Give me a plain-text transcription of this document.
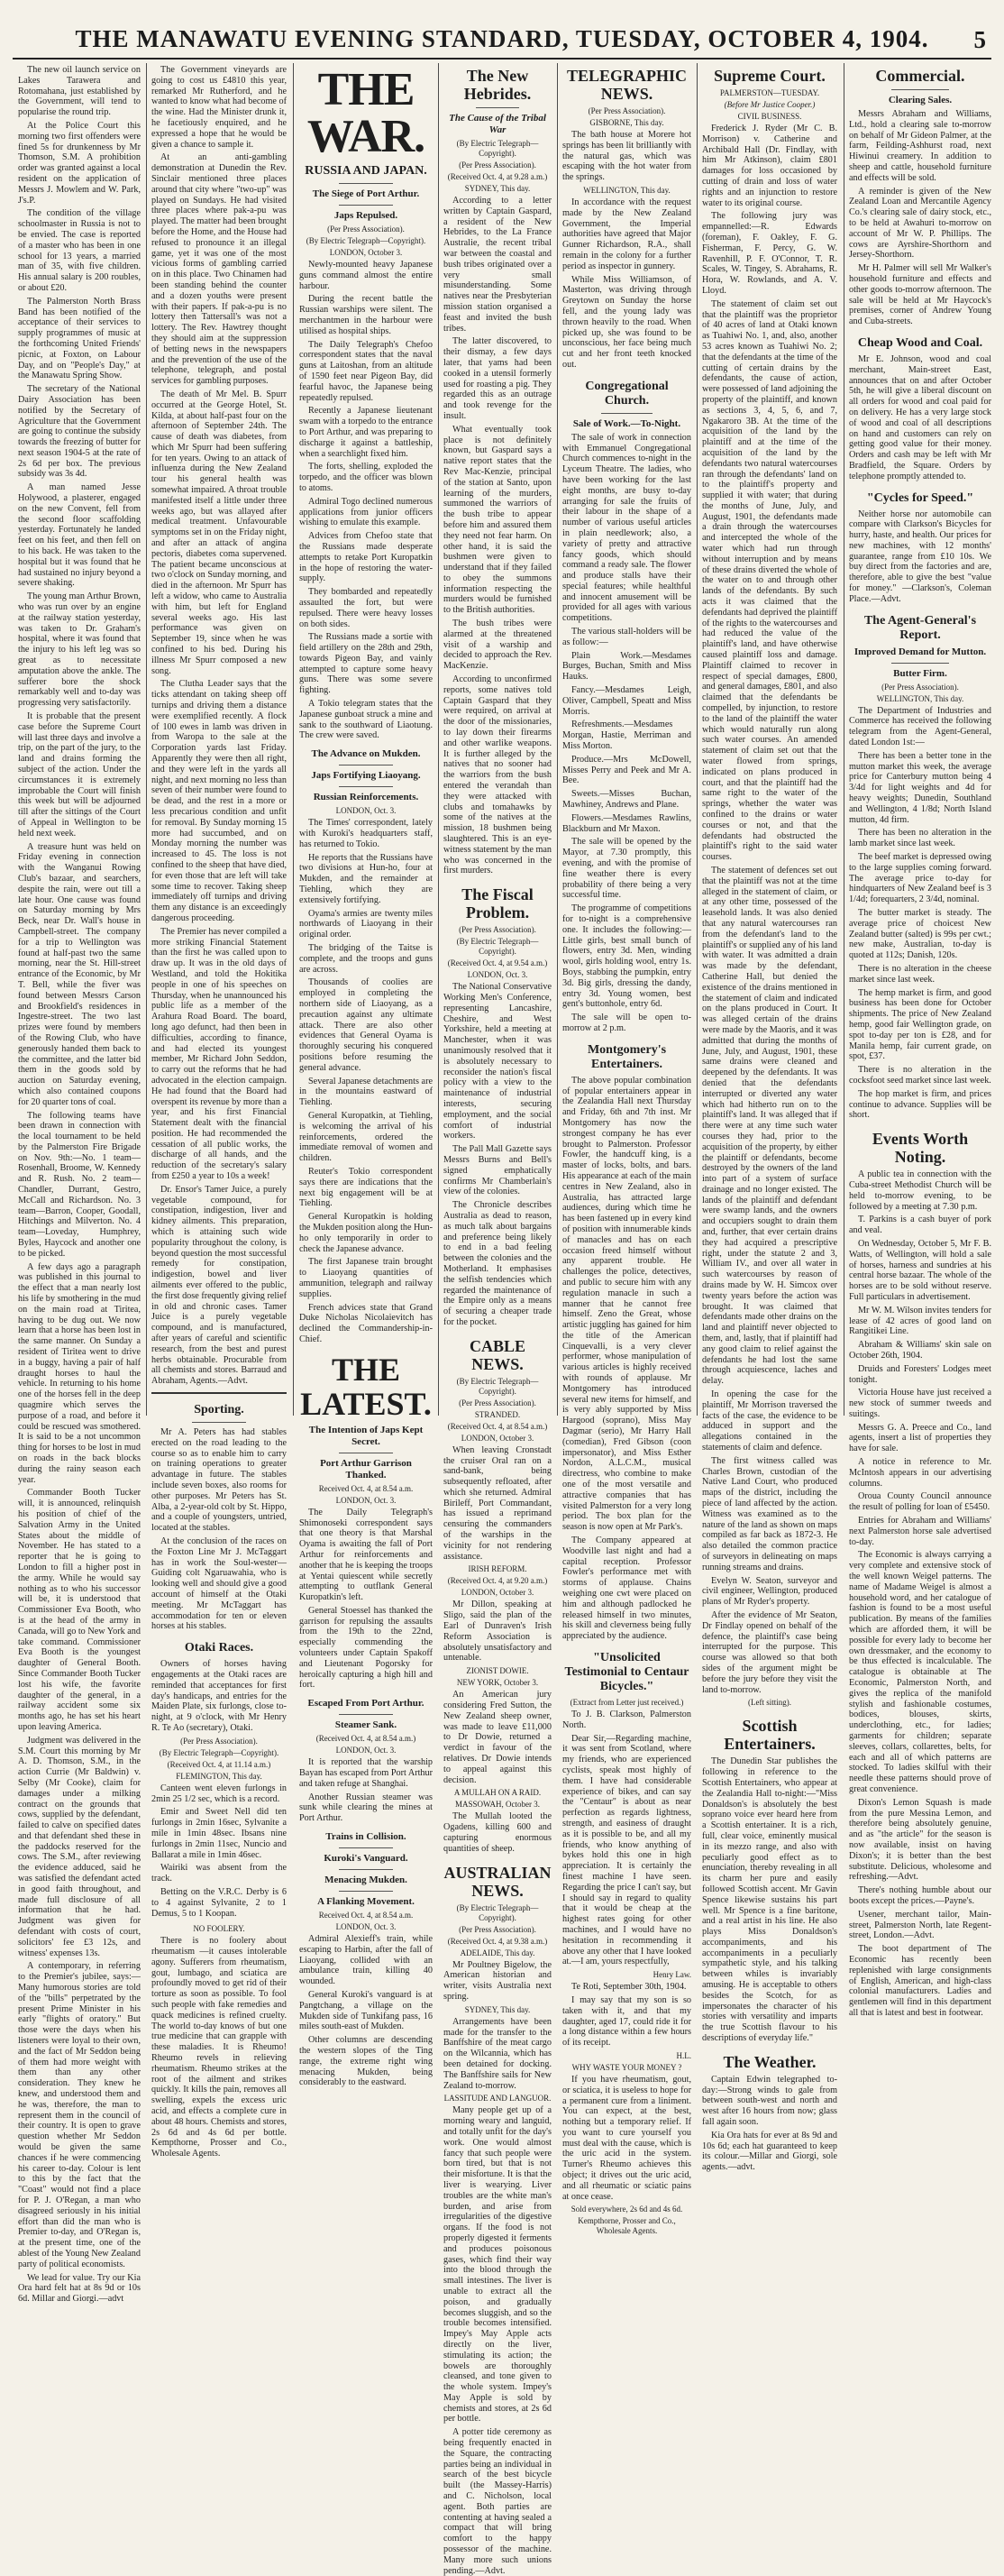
THE MANAWATU EVENING STANDARD, TUESDAY, OCTOBER 4, 1904.	5

The new oil launch service on Lakes Tarawera and Rotomahana, just established by the Government, will tend to popularise the round trip.

At the Police Court this morning two first offenders were fined 5s for drunkenness by Mr Thomson, S.M. A prohibition order was granted against a local resident on the application of Messrs J. Mowlem and W. Park, J's.P.

The condition of the village schoolmaster in Russia is not to be envied. The case is reported of a master who has been in one school for 13 years, a married man of 35, with five children. His annual salary is 200 roubles, or about £20.

The Palmerston North Brass Band has been notified of the acceptance of their services to supply programmes of music at the forthcoming United Friends' picnic, at Foxton, on Labour Day, and on "People's Day," at the Manawatu Spring Show.

The secretary of the National Dairy Association has been notified by the Secretary of Agriculture that the Government are going to continue the subsidy towards the freezing of butter for next season 1904-5 at the rate of 2s 6d per box. The previous subsidy was 3s 4d.

A man named Jesse Holywood, a plasterer, engaged on the new Convent, fell from the second floor scaffolding yesterday. Fortunately he landed feet on his feet, and then fell on to his back. He was taken to the hospital but it was found that he had sustained no injury beyond a severe shaking.

The young man Arthur Brown, who was run over by an engine at the railway station yesterday, was taken to Dr. Graham's hospital, where it was found that the injury to his left leg was so great as to necessitate amputation above the ankle. The sufferer bore the shock remarkably well and to-day was progressing very satisfactorily.

It is probable that the present case before the Supreme Court will last three days and involve a trip, on the part of the jury, to the land and drains forming the subject of the action. Under the circumstances it is extremely improbable the Court will finish this week but will be adjourned till after the sittings of the Court of Appeal in Wellington to be held next week.

A treasure hunt was held on Friday evening in connection with the Wanganui Rowing Club's bazaar, and searchers, despite the rain, were out till a late hour. One cause was found on Saturday morning by Mrs Beck, near Dr. Wall's house in Campbell-street. The company for a trip to Wellington was found at half-past two the same morning, near the St. Hill-street entrance of the Economic, by Mr T. Bell, while the fiver was found between Messrs Carson and Brookfield's residences in Ingestre-street. The two last prizes were found by members of the Rowing Club, who have generously handed them back to the committee, and the latter bid them in the goods sold by auction on Saturday evening, which also contained coupons for 20 quarter tons of coal.

The following teams have been drawn in connection with the local tournament to be held by the Palmerston Fire Brigade on Nov. 9th:—No. 1 team—Rosenhall, Broome, W. Kennedy and R. Rush. No. 2 team—Chandler, Durrant, Gestro, McCall and Richardson. No. 3 team—Barron, Cooper, Goodall, Hitchings and Milverton. No. 4 team—Loveday, Humphrey, Byles, Haycock and another one to be picked.

A few days ago a paragraph was published in this journal to the effect that a man nearly lost his life by smothering in the mud on the main road at Tiritea, having to be dug out. We now learn that a horse has been lost in the same manner. On Sunday a resident of Tiritea went to drive in a buggy, having a pair of half draught horses to haul the vehicle. In returning to his home one of the horses fell in the deep quagmire which serves the purpose of a road, and before it could be rescued was smothered. It is said to be a not uncommon thing for horses to be lost in mud on roads in the back blocks during the rainy season each year.

Commander Booth Tucker will, it is announced, relinquish his position of chief of the Salvation Army in the United States about the middle of November. He has stated to a reporter that he is going to London to fill a higher post in the army. While he would say nothing as to who his successor will be, it is understood that Commissioner Eva Booth, who is at the head of the army in Canada, will go to New York and take command. Commissioner Eva Booth is the youngest daughter of General Booth. Since Commander Booth Tucker lost his wife, the favorite daughter of the general, in a railway accident some six months ago, he has set his heart upon leaving America.

Judgment was delivered in the S.M. Court this morning by Mr A. D. Thomson, S.M., in the action Currie (Mr Baldwin) v. Selby (Mr Cooke), claim for damages under a milking contract on the grounds that cows, supplied by the defendant, failed to calve on specified dates and that defendant shed these in the paddocks reserved for the cows. The S.M., after reviewing the evidence adduced, said he was satisfied the defendant acted in good faith throughout, and made full disclosure of all information that he had. Judgment was given for defendant with costs of court, solicitors' fee £3 12s, and witness' expenses 13s.

A contemporary, in referring to the Premier's jubilee, says:—Many humorous stories are told of the "bills" perpetrated by the present Prime Minister in his early "flights of oratory." But those were the days when his listeners were loyal to their own, and the fact of Mr Seddon being of them had more weight with them than any other consideration. They knew he knew, and understood them and he was, therefore, the man to represent them in the council of their country. It is open to grave question whether Mr Seddon would be given the same chances if he were commencing his career to-day. Colour is lent to this by the fact that the "Coast" would not find a place for P. J. O'Regan, a man who disagreed seriously in his initial effort than did the man who is Premier to-day, and O'Regan is, at the present time, one of the ablest of the Young New Zealand party of political economists.

We lead for value. Try our Kia Ora hard felt hat at 8s 9d or 10s 6d. Millar and Giorgi.—advt

The Government vineyards are going to cost us £4810 this year, remarked Mr Rutherford, and he wanted to know what had become of the wine. Had the Minister drunk it, he facetiously enquired, and he expressed a hope that he would be given a chance to sample it.

At an anti-gambling demonstration at Dunedin the Rev. Sinclair mentioned three places around that city where "two-up" was played on Sundays. He had visited three places where pak-a-pu was played. The matter had been brought before the Home, and the House had refused to pronounce it an illegal game, yet it was one of the most vicious forms of gambling carried on in this place. Two Chinamen had been standing behind the counter and a dozen youths were present with their papers. If pak-a-pu is no lottery then Tattersall's was not a lottery. The Rev. Hawtrey thought they should aim at the suppression of betting news in the newspapers and the prevention of the use of the telephone, telegraph, and postal services for gambling purposes.

The death of Mr Mel. B. Spurr occurred at the George Hotel, St. Kilda, at about half-past four on the afternoon of September 24th. The cause of death was diabetes, from which Mr Spurr had been suffering for ten years. Owing to an attack of influenza during the New Zealand tour his general health was somewhat impaired. A throat trouble manifested itself a little under three weeks ago, but was allayed after medical treatment. Unfavourable symptoms set in on the Friday night, and after an attack of angina pectoris, diabetes coma supervened. The patient became unconscious at two o'clock on Sunday morning, and died in the afternoon. Mr Spurr has left a widow, who came to Australia with him, but left for England several weeks ago. His last performance was given on September 19, since when he was confined to his bed. During his illness Mr Spurr composed a new song.

The Clutha Leader says that the ticks attendant on taking sheep off turnips and driving them a distance were exemplified recently. A flock of 100 ewes in lamb was driven in from Waropa to the sale at the Corporation yards last Friday. Apparently they were then all right, and they were left in the yards all night, and next morning no less than seven of their number were found to be dead, and the rest in a more or less precarious condition and unfit for removal. By Sunday morning 15 more had succumbed, and on Monday morning the number was increased to 45. The loss is not confined to the sheep that have died, for even those that are left will take some time to recover. Taking sheep immediately off turnips and driving them any distance is an exceedingly dangerous proceeding.

The Premier has never compiled a more striking Financial Statement than the first he was called upon to draw up. It was in the old days of Westland, and told the Hokitika people in one of his speeches on Thursday, when he unannounced his public life as a member of the Arahura Road Board. The board, long ago defunct, had then been in difficulties, according to finance, and had elected its youngest member, Mr Richard John Seddon, to carry out the reforms that he had advocated in the election campaign. He had found that the Board had overspent its revenue by more than a year, and his first Financial Statement dealt with the financial position. He had recommended the cessation of all public works, the discharge of all hands, and the reduction of the secretary's salary from £250 a year to 10s a week!

Dr. Ensor's Tamer Juice, a purely vegetable compound, for constipation, indigestion, liver and kidney ailments. This preparation, which is attaining such wide popularity throughout the colony, is beyond question the most successful remedy for constipation, indigestion, bowel and liver ailments ever offered to the public, the first dose frequently giving relief in old and chronic cases. Tamer Juice is a purely vegetable compound, and is manufactured, after years of careful and scientific research, from the best and purest herbs obtainable. Procurable from all chemists and stores. Barraud and Abraham, Agents.—Advt.

Sporting.

Mr A. Peters has had stables erected on the road leading to the course so as to enable him to carry on training operations to greater advantage in future. The stables include seven boxes, also rooms for other purposes. Mr Peters has St. Alba, a 2-year-old colt by St. Hippo, and a couple of youngsters, untried, located at the stables.

At the conclusion of the races on the Foxton Line Mr J. McTaggart has in work the Soul-wester—Guiding colt Ngaruawahia, who is looking well and should give a good account of himself at the Otaki meeting. Mr McTaggart has accommodation for ten or eleven horses at his stables.

Otaki Races.

Owners of horses having engagements at the Otaki races are reminded that acceptances for first day's handicaps, and entries for the Maiden Plate, six furlongs, close to-night, at 9 o'clock, with Mr Henry R. Te Ao (secretary), Otaki.

(Per Press Association).
(By Electric Telegraph—Copyright).
(Received Oct. 4, at 11.14 a.m.)
FLEMINGTON, This day.

Canteen went eleven furlongs in 2min 25 1/2 sec, which is a record.

Emir and Sweet Nell did ten furlongs in 2min 16sec, Sylvanite a mile in 1min 48sec. Ibsans nine furlongs in 2min 11sec, Nuncio and Ballarat a mile in 1min 46sec.

Wairiki was absent from the track.

Betting on the V.R.C. Derby is 6 to 4 against Sylvanite, 2 to 1 Demus, 5 to 1 Koopan.

NO FOOLERY.

There is no foolery about rheumatism —it causes intolerable agony. Sufferers from rheumatism, gout, lumbago, and sciatica are profoundly moved to get rid of their torture as soon as possible. To fool such people with fake remedies and quack medicines is refined cruelty. The world to-day knows of but one true medicine that can grapple with these maladies. It is Rheumo! Rheumo revels in relieving rheumatism. Rheumo strikes at the root of the ailment and strikes quickly. It kills the pain, removes all swelling, expels the excess uric acid, and effects a complete cure in about 48 hours. Chemists and stores, 2s 6d and 4s 6d per bottle. Kempthorne, Prosser and Co., Wholesale Agents.

THE WAR.
RUSSIA AND JAPAN.
The Siege of Port Arthur.
Japs Repulsed.
(Per Press Association).
(By Electric Telegraph—Copyright).
LONDON, October 3.

Newly-mounted heavy Japanese guns command almost the entire harbour.

During the recent battle the Russian warships were silent. The merchantmen in the harbour were utilised as hospital ships.

The Daily Telegraph's Chefoo correspondent states that the naval guns at Laitoshan, from an altitude of 1590 feet near Pigeon Bay, did fearful havoc, the Japanese being repeatedly repulsed.

Recently a Japanese lieutenant swam with a torpedo to the entrance to Port Arthur, and was preparing to discharge it against a battleship, when a searchlight fixed him.

The forts, shelling, exploded the torpedo, and the officer was blown to atoms.

Admiral Togo declined numerous applications from junior officers wishing to emulate this example.

Advices from Chefoo state that the Russians made desperate attempts to retake Port Kuropatkin in the hope of restoring the water-supply.

They bombarded and repeatedly assaulted the fort, but were repulsed. There were heavy losses on both sides.

The Russians made a sortie with field artillery on the 28th and 29th, towards Pigeon Bay, and vainly attempted to capture some heavy guns. There was some severe fighting.

A Tokio telegram states that the Japanese gunboat struck a mine and sank to the southward of Liaotung. The crew were saved.

The Advance on Mukden.
Japs Fortifying Liaoyang.
Russian Reinforcements.
LONDON, Oct. 3.

The Times' correspondent, lately with Kuroki's headquarters staff, has returned to Tokio.

He reports that the Russians have two divisions at Hun-ho, four at Mukden, and the remainder at Tiehling, which they are extensively fortifying.

Oyama's armies are twenty miles northwards of Liaoyang in their original order.

The bridging of the Taitse is complete, and the troops and guns are across.

Thousands of coolies are employed in completing the northern side of Liaoyang, as a precaution against any ultimate attack. There are also other evidences that General Oyama is thoroughly securing his conquered positions before resuming the general advance.

Several Japanese detachments are in the mountains eastward of Tiehling.

General Kuropatkin, at Tiehling, is welcoming the arrival of his reinforcements, ordered the immediate removal of women and children.

Reuter's Tokio correspondent says there are indications that the next big engagement will be at Tiehling.

General Kuropatkin is holding the Mukden position along the Hun-ho only temporarily in order to check the Japanese advance.

The first Japanese train brought to Liaoyang quantities of ammunition, telegraph and railway supplies.

French advices state that Grand Duke Nicholas Nicolaievitch has declined the Commandership-in-Chief.

THE LATEST.
The Intention of Japs Kept Secret.
Port Arthur Garrison Thanked.
Received Oct. 4, at 8.54 a.m.
LONDON, Oct. 3.

The Daily Telegraph's Shimonoseki correspondent says that one theory is that Marshal Oyama is awaiting the fall of Port Arthur for reinforcements and another that he is keeping the troops at Yentai quiescent while secretly attempting to outflank General Kuropatkin's left.

General Stoessel has thanked the garrison for repulsing the assaults from the 19th to the 22nd, especially commending the volunteers under Captain Spakoff and Lieutenant Pogorsky for heroically capturing a high hill and fort.

Escaped From Port Arthur.
Steamer Sank.
(Received Oct. 4, at 8.54 a.m.)
LONDON, Oct. 3.

It is reported that the warship Bayan has escaped from Port Arthur and taken refuge at Shanghai.

Another Russian steamer was sunk while clearing the mines at Port Arthur.

Trains in Collision.
Kuroki's Vanguard.
Menacing Mukden.
A Flanking Movement.
Received Oct. 4, at 8.54 a.m.
LONDON, Oct. 3.

Admiral Alexieff's train, while escaping to Harbin, after the fall of Liaoyang, collided with an ambulance train, killing 40 wounded.

General Kuroki's vanguard is at Pangtchang, a village on the Mukden side of Tunkifang pass, 16 miles south-east of Mukden.

Other columns are descending the western slopes of the Ting range, the extreme right wing menacing Mukden, being considerably to the eastward.

The New Hebrides.
The Cause of the Tribal War
(By Electric Telegraph—Copyright).
(Per Press Association).
(Received Oct. 4, at 9.28 a.m.)
SYDNEY, This day.

According to a letter written by Captain Gaspard, a resident of the New Hebrides, to the La France Australie, the recent tribal war between the coastal and bush tribes originated over a very small misunderstanding. Some natives near the Presbyterian mission station organised a feast and invited the bush tribes.

The latter discovered, to their dismay, a few days later, that yams had been cooked in a utensil formerly used for roasting a pig. They regarded this as an outrage and took revenge for the insult.

What eventually took place is not definitely known, but Gaspard says a native report states that the Rev Mac-Kenzie, principal of the station at Santo, upon learning of the murders, summoned the warriors of the bush tribe to appear before him and assured them they need not fear harm. On other hand, it is said the bushmen were given to understand that if they failed to obey the summons information respecting the murders would be furnished to the British authorities.

The bush tribes were alarmed at the threatened visit of a warship and decided to approach the Rev. MacKenzie.

According to unconfirmed reports, some natives told Captain Gaspard that they were required, on arrival at the door of the missionaries, to lay down their firearms and other warlike weapons. It is further alleged by the natives that no sooner had the warriors from the bush entered the verandah than they were attacked with clubs and tomahawks by some of the natives at the mission, 18 bushmen being slaughtered. This is an eye-witness statement by the man who was concerned in the first murders.

The Fiscal Problem.
(Per Press Association).
(By Electric Telegraph—Copyright).
(Received Oct. 4, at 9.54 a.m.)
LONDON, Oct. 3.

The National Conservative Working Men's Conference, representing Lancashire, Cheshire, and West Yorkshire, held a meeting at Manchester, when it was unanimously resolved that it is absolutely necessary to reconsider the nation's fiscal policy with a view to the maintenance of industrial interests, securing employment, and the social comfort of industrial workers.

The Pall Mall Gazette says Messrs Burns and Bell's signed emphatically confirms Mr Chamberlain's view of the colonies.

The Chronicle describes Australia as dead to reason, as much talk about bargains and preference being likely to end in a bad feeling between the colonies and the Motherland. It emphasises the selfish tendencies which regarded the maintenance of the Empire only as a means of securing a cheaper trade for the pocket.

CABLE NEWS.
(By Electric Telegraph—Copyright).
(Per Press Association).
STRANDED.
(Received Oct. 4, at 8.54 a.m.)
LONDON, October 3.

When leaving Cronstadt the cruiser Oral ran on a sand-bank, being subsequently refloated, after which she returned. Admiral Birileff, Port Commandant, has issued a reprimand censuring the commanders of the warships in the vicinity for not rendering assistance.

IRISH REFORM.
(Received Oct. 4, at 9.20 a.m.)
LONDON, October 3.

Mr Dillon, speaking at Sligo, said the plan of the Earl of Dunraven's Irish Reform Association is absolutely unsatisfactory and untenable.

ZIONIST DOWIE.
NEW YORK, October 3.

An American jury considering Fred Sutton, the New Zealand sheep owner, was made to leave £11,000 to Dr Dowie, returned a verdict in favour of the relatives. Dr Dowie intends to appeal against this decision.

A MULLAH ON A RAID.
MASSOWAH, October 3.

The Mullah looted the Ogadens, killing 600 and capturing enormous quantities of sheep.

AUSTRALIAN NEWS.
(By Electric Telegraph—Copyright).
(Per Press Association).
(Received Oct. 4, at 9.38 a.m.)
ADELAIDE, This day.

Mr Poultney Bigelow, the American historian and writer, visits Australia next spring.

SYDNEY, This day.

Arrangements have been made for the transfer to the Banffshire of the meat cargo on the Wilcannia, which has been detained for docking. The Banffshire sails for New Zealand to-morrow.

LASSITUDE AND LANGUOR.

Many people get up of a morning weary and languid, and totally unfit for the day's work. One would almost fancy that such people were born tired, but that is not their misfortune. It is that the liver is wearying. Liver troubles are the white man's burden, and arise from irregularities of the digestive organs. If the food is not properly digested it ferments and produces poisonous gases, which find their way into the blood through the small intestines. The liver is unable to extract all the poison, and gradually becomes sluggish, and so the trouble becomes intensified. Impey's May Apple acts directly on the liver, stimulating its action; the bowels are thoroughly cleansed, and tone given to the whole system. Impey's May Apple is sold by chemists and stores, at 2s 6d per bottle.

A potter tide ceremony as being frequently enacted in the Square, the contracting parties being an individual in search of the best bicycle built (the Massey-Harris) and C. Nicholson, local agent. Both parties are contenting at having sealed a compact that will bring comfort to the happy possessor of the machine. Many more such unions pending.—Advt.

TELEGRAPHIC NEWS.
(Per Press Association).
GISBORNE, This day.

The bath house at Morere hot springs has been lit brilliantly with the natural gas, which was escaping with the hot water from the springs.

WELLINGTON, This day.

In accordance with the request made by the New Zealand Government, the Imperial authorities have agreed that Major Gunner Richardson, R.A., shall remain in the colony for a further period as inspector in gunnery.

While Miss Williamson, of Masterton, was driving through Greytown on Sunday the horse fell, and the young lady was thrown heavily to the road. When picked up, she was found to be unconscious, her face being much cut and her front teeth knocked out.

Congregational Church.
Sale of Work.—To-Night.

The sale of work in connection with Emmanuel Congregational Church commences to-night in the Lyceum Theatre. The ladies, who have been working for the last eight months, are busy to-day arranging for sale the fruits of their labour in the shape of a number of various useful articles in plain needlework; also, a variety of pretty and attractive fancy goods, which should command a ready sale. The flower and produce stalls have their special features; while healthful and innocent amusement will be provided for all ages with various competitions.

The various stall-holders will be as follow:—

Plain Work.—Mesdames Burges, Buchan, Smith and Miss Hauks.

Fancy.—Mesdames Leigh, Oliver, Campbell, Speatt and Miss Morris.

Refreshments.—Mesdames Morgan, Hastie, Merriman and Miss Morton.

Produce.—Mrs McDowell, Misses Perry and Peek and Mr A. Bee.

Sweets.—Misses Buchan, Mawhiney, Andrews and Plane.

Flowers.—Mesdames Rawlins, Blackburn and Mr Maxon.

The sale will be opened by the Mayor, at 7.30 promptly, this evening, and with the promise of fine weather there is every probability of there being a very successful time.

The programme of competitions for to-night is a comprehensive one. It includes the following:—Little girls, best small bunch of flowers, entry 3d. Men, winding wool, girls holding wool, entry 1s. Boys, stabbing the pumpkin, entry 3d. Big girls, dressing the dandy, entry 3d. Young women, best gent's buttonhole, entry 6d.

The sale will be open to-morrow at 2 p.m.

Montgomery's Entertainers.

The above popular combination of popular entertainers appear in the Zealandia Hall next Thursday and Friday, 6th and 7th inst. Mr Montgomery has now the strongest company he has ever brought to Palmerston. Professor Fowler, the handcuff king, is a master of locks, bolts, and bars. His appearance at each of the main centres in New Zealand, also in Australia, has attracted large audiences, during which time he has been fastened up in every kind of position with innumerable kinds of manacles and has on each occasion freed himself without any apparent trouble. He challenges the police, detectives, and public to secure him with any regulation manacle in such a manner that he cannot free himself. Zeno the Great, whose artistic juggling has gained for him the title of the American Cinquevalli, is a very clever performer, whose manipulation of various articles is highly received with rounds of applause. Mr Montgomery has introduced several new items for himself, and is very ably supported by Miss Hargood (soprano), Miss May Dagmar (serio), Mr Harry Hall (comedian), Fred Gibson (coon impersonator), and Miss Esther Nordon, A.L.C.M., musical directress, who combine to make one of the most versatile and attractive companies that has visited Palmerston for a very long period. The box plan for the season is now open at Mr Park's.

The Company appeared at Woodville last night and had a capital reception. Professor Fowler's performance met with storms of applause. Chains weighing one cwt were placed on him and although padlocked he released himself in two minutes, his skill and cleverness being fully appreciated by the audience.

"Unsolicited Testimonial to Centaur Bicycles."
(Extract from Letter just received.)

To J. B. Clarkson, Palmerston North.

Dear Sir,—Regarding machine, it was sent from Scotland, where my friends, who are experienced cyclists, speak most highly of them. I have had considerable experience of bikes, and can say the "Centaur" is about as near perfection as regards lightness, strength, and easiness of draught as it is possible to be, and all my friends, who know anything of bykes hold this one in high appreciation. It is certainly the finest machine I have seen. Regarding the price I can't say, but I should say in regard to quality that it would be cheap at the highest rates going for other machines, and I would have no hesitation in recommending it above any other that I have looked at.—I am, yours respectfully,

Henry Law.

Te Roti, September 30th, 1904.

I may say that my son is so taken with it, and that my daughter, aged 17, could ride it for a long distance within a few hours of its receipt.

H.L.
WHY WASTE YOUR MONEY ?

If you have rheumatism, gout, or sciatica, it is useless to hope for a permanent cure from a liniment. You can expect, at the best, nothing but a temporary relief. If you want to cure yourself you must deal with the cause, which is the uric acid in the system. Turner's Rheumo achieves this object; it drives out the uric acid, and all rheumatic or sciatic pains at once cease.

Sold everywhere, 2s 6d and 4s 6d.
Kempthorne, Prosser and Co., Wholesale Agents.
Supreme Court.
PALMERSTON—TUESDAY.
(Before Mr Justice Cooper.)
CIVIL BUSINESS.

Frederick J. Ryder (Mr C. B. Morrison) v. Catherine and Archibald Hall (Dr. Findlay, with him Mr Atkinson), claim £801 damages for loss occasioned by cutting of drain and loss of water rights and an injunction to restore water to its original course.

The following jury was empannelled:—R. Edwards (foreman), F. Oakley, F. G. Fisherman, F. Percy, G. W. Ravenhill, P. F. O'Connor, T. R. Scales, W. Tingey, S. Abrahams, R. Hora, W. Rowlands, and A. V. Lloyd.

The statement of claim set out that the plaintiff was the proprietor of 40 acres of land at Otaki known as Tuahiwi No. 1, and, also, another 53 acres known as Tuahiwi No. 2; that the defendants at the time of the cutting of certain drains by the defendants, the cause of action, were possessed of land adjoining the property of the plaintiff, and known as sections 3, 4, 5, 6, and 7, Ngakaroro 3B. At the time of the acquisition of the land by the plaintiff and at the time of the acquisition of the land by the defendants two natural watercourses ran through the defendants' land on to the plaintiff's property and supplied it with water; that during the months of June, July, and August, 1901, the defendants made a drain through the watercourses and intercepted the whole of the water which had run through without interruption and by means of these drains diverted the whole of the water on to and through other lands of the defendants. By such acts it was claimed that the defendants had deprived the plaintiff of the rights to the watercourses and had reduced the value of the plaintiff's land, and have otherwise caused plaintiff loss and damage. Plaintiff claimed to recover in respect of special damages, £800, and general damages, £801, and also claimed that the defendants be compelled, by injunction, to restore to the land of the plaintiff the water which would naturally run along such water courses. An amended statement of claim set out that the water flowed from springs, indicated on plans produced in court, and that the plaintiff had the same right to the water of the springs, whether the water was confined to the drains or water courses or not, and that the defendants had obstructed the plaintiff's right to the said water courses.

The statement of defences set out that the plaintiff was not at the time alleged in the statement of claim, or at any other time, possessed of the leasehold lands. It was also denied that any natural watercourses ran from the defendant's land to the plaintiff's or supplied any of his land with water. It was admitted a drain was made by the defendant, Catherine Hall, but denied the existence of the drains mentioned in the statement of claim and indicated on the plans produced in Court. It was alleged certain of the drains were made by the Maoris, and it was admitted that during the months of June, July, and August, 1901, these same drains were cleaned and deepened by the defendants. It was denied that the defendants interrupted or diverted any water which had hitherto run on to the plaintiff's land. It was alleged that if there were at any time such water courses they had, prior to the acquisition of the property, by either the plaintiff or defendants, become destroyed by the owners of the land into part of a system of surface drainage and no longer existed. The lands of the plaintiff and defendant were swamp lands, and the owners and occupiers sought to drain them and, further, that ever certain drains they had acquired a prescriptive right, under the statute 2 and 3, William IV., and over all water in such watercourses by reason of drains made by W. H. Simcox over twenty years before the action was brought. It was claimed that defendants made other drains on the land and plaintiff never objected to them, and, lastly, that if plaintiff had any good claim to relief against the defendants he had lost the same through acquiescence, laches and delay.

In opening the case for the plaintiff, Mr Morrison traversed the facts of the case, the evidence to be adduced in support and the allegations contained in the statements of claim and defence.

The first witness called was Charles Brown, custodian of the Native Land Court, who produced maps of the district, including the piece of land affected by the action. Witness was examined as to the nature of the land as shown on maps compiled as far back as 1872-3. He also detailed the common practice of surveyors in delineating on maps running streams and drains.

Evelyn W. Seaton, surveyor and civil engineer, Wellington, produced plans of Mr Ryder's property.

After the evidence of Mr Seaton, Dr Findlay opened on behalf of the defence, the plaintiff's case being interrupted for the purpose. This course was allowed so that both sides of the argument might be before the jury before they visit the land to-morrow.

(Left sitting).
Scottish Entertainers.

The Dunedin Star publishes the following in reference to the Scottish Entertainers, who appear at the Zealandia Hall to-night:—"Miss Donaldson's is absolutely the best soprano voice ever heard here from a Scottish entertainer. It is a rich, full, clear voice, eminently musical in its mezzo range, and also with peculiarly good effect as to enunciation, thereby revealing in all its charm her pure and easily followed Scottish accent. Mr Gavin Spence likewise sustains his part well. Mr Spence is a fine baritone, and a real artist in his line. He also plays Miss Donaldson's accompaniments, and his accompaniments in a peculiarly sympathetic style, and his talking between whiles is invariably amusing. He is acceptable to others besides the Scotch, for as impersonates the character of his stories with versatility and imparts the true Scottish flavour to his descriptions of everyday life."

The Weather.

Captain Edwin telegraphed to-day:—Strong winds to gale from between south-west and north and west after 16 hours from now; glass fall again soon.

Kia Ora hats for ever at 8s 9d and 10s 6d; each hat guaranteed to keep its colour.—Millar and Giorgi, sole agents.—advt.

Commercial.
Clearing Sales.

Messrs Abraham and Williams, Ltd., hold a clearing sale to-morrow on behalf of Mr Gideon Palmer, at the farm, Feilding-Ashhurst road, next Hiwinui creamery. In addition to sheep and cattle, household furniture and effects will be sold.

A reminder is given of the New Zealand Loan and Mercantile Agency Co.'s clearing sale of dairy stock, etc., to be held at Awahuri to-morrow on account of Mr W. P. Phillips. The cows are Ayrshire-Shorthorn and Jersey-Shorthorn.

Mr H. Palmer will sell Mr Walker's household furniture and effects and other goods to-morrow afternoon. The sale will be held at Mr Haycock's premises, corner of Andrew Young and Cuba-streets.

Cheap Wood and Coal.

Mr E. Johnson, wood and coal merchant, Main-street East, announces that on and after October 5th, he will give a liberal discount on all orders for wood and coal paid for on delivery. He has a very large stock of wood and coal of all descriptions on hand and customers can rely on getting good value for their money. Orders and cash may be left with Mr Bradfield, the Square. Orders by telephone promptly attended to.

"Cycles for Speed."

Neither horse nor automobile can compare with Clarkson's Bicycles for hurry, haste, and health. Our prices for new machines, with 12 months' guarantee, range from £10 10s. We buy direct from the factories and are, therefore, able to give the best "value for money." —Clarkson's, Coleman Place.—Advt.

The Agent-General's Report.
Improved Demand for Mutton.
Butter Firm.
(Per Press Association).
WELLINGTON, This day.

The Department of Industries and Commerce has received the following telegram from the Agent-General, dated London 1st:—

There has been a better tone in the mutton market this week, the average price for Canterbury mutton being 4 3/4d for light weights and 4d for heavy weights; Dunedin, Southland and Wellington, 4 1/8d; North Island mutton, 4d firm.

There has been no alteration in the lamb market since last week.

The beef market is depressed owing to the large supplies coming forward. The average price to-day for hindquarters of New Zealand beef is 3 1/4d; forequarters, 2 3/4d, nominal.

The butter market is steady. The average price of choicest New Zealand butter (salted) is 99s per cwt.; new make, Australian, to-day is quoted at 112s; Danish, 120s.

There is no alteration in the cheese market since last week.

The hemp market is firm, and good business has been done for October shipments. The price of New Zealand hemp, good fair Wellington grade, on spot to-day per ton is £28, and for Manila hemp, fair current grade, on spot, £37.

There is no alteration in the cocksfoot seed market since last week.

The hop market is firm, and prices continue to advance. Supplies will be short.

Events Worth Noting.

A public tea in connection with the Cuba-street Methodist Church will be held to-morrow evening, to be followed by a meeting at 7.30 p.m.

T. Parkins is a cash buyer of pork and veal.

On Wednesday, October 5, Mr F. B. Watts, of Wellington, will hold a sale of horses, harness and sundries at his central horse bazaar. The whole of the horses are to be sold without reserve. Full particulars in advertisement.

Mr W. M. Wilson invites tenders for lease of 42 acres of good land on Rangitikei Line.

Abraham & Williams' skin sale on October 26th, 1904.

Druids and Foresters' Lodges meet tonight.

Victoria House have just received a new stock of summer tweeds and suitings.

Messrs G. A. Preece and Co., land agents, insert a list of properties they have for sale.

A notice in reference to Mr. McIntosh appears in our advertising columns.

Oroua County Council announce the result of polling for loan of £5450.

Entries for Abraham and Williams' next Palmerston horse sale advertised to-day.

The Economic is always carrying a very complete and extensive stock of the well known Weigel patterns. The name of Madame Weigel is almost a household word, and her catalogue of fashion is found to be a most useful publication. By means of the families which are afforded them, it will be possible for every lady to become her own dressmaker, and the economy to be thus effected is incalculable. The catalogue is obtainable at The Economic, Palmerston North, and gives the replica of the manifold stylish and fashionable costumes, bodices, blouses, skirts, underclothing, etc., for ladies; garments for children; separate sleeves, collars, collarettes, belts, for each and all of which patterns are stocked. To ladies skilful with their needle these patterns should prove of great convenience.

Dixon's Lemon Squash is made from the pure Messina Lemon, and therefore being absolutely genuine, and as "the article" for the season is now available, insist on having Dixon's; it is better than the best substitute. Delicious, wholesome and refreshing.—Advt.

There's nothing humble about our boots except the prices.—Payne's.

Usener, merchant tailor, Main-street, Palmerston North, late Regent-street, London.—Advt.

The boot department of The Economic has recently been replenished with large consignments of English, American, and high-class colonial manufacturers. Ladies and gentlemen will find in this department all that is latest and best in footwear.
